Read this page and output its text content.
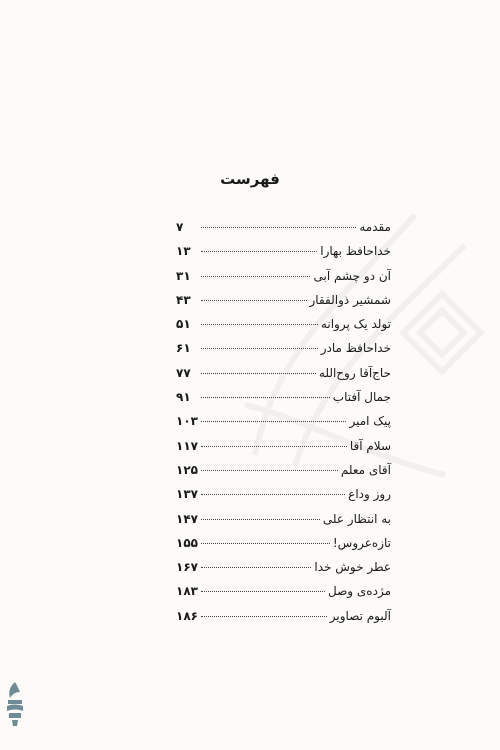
فهرست
مقدمه
۷
خداحافظ بهارا
۱۳
آن دو چشم آبی
۳۱
شمشیر ذوالفقار
۴۳
تولد یک پروانه
۵۱
خداحافظ مادر
۶۱
حاج‌آقا روح‌الله
۷۷
جمال آفتاب
۹۱
پیک امیر
۱۰۳
سلام آقا
۱۱۷
آقای معلم
۱۲۵
روز وداع
۱۳۷
به انتظار علی
۱۴۷
تازه‌عروس!
۱۵۵
عطر خوش خدا
۱۶۷
مژده‌ی وصل
۱۸۳
آلبوم تصاویر
۱۸۶
